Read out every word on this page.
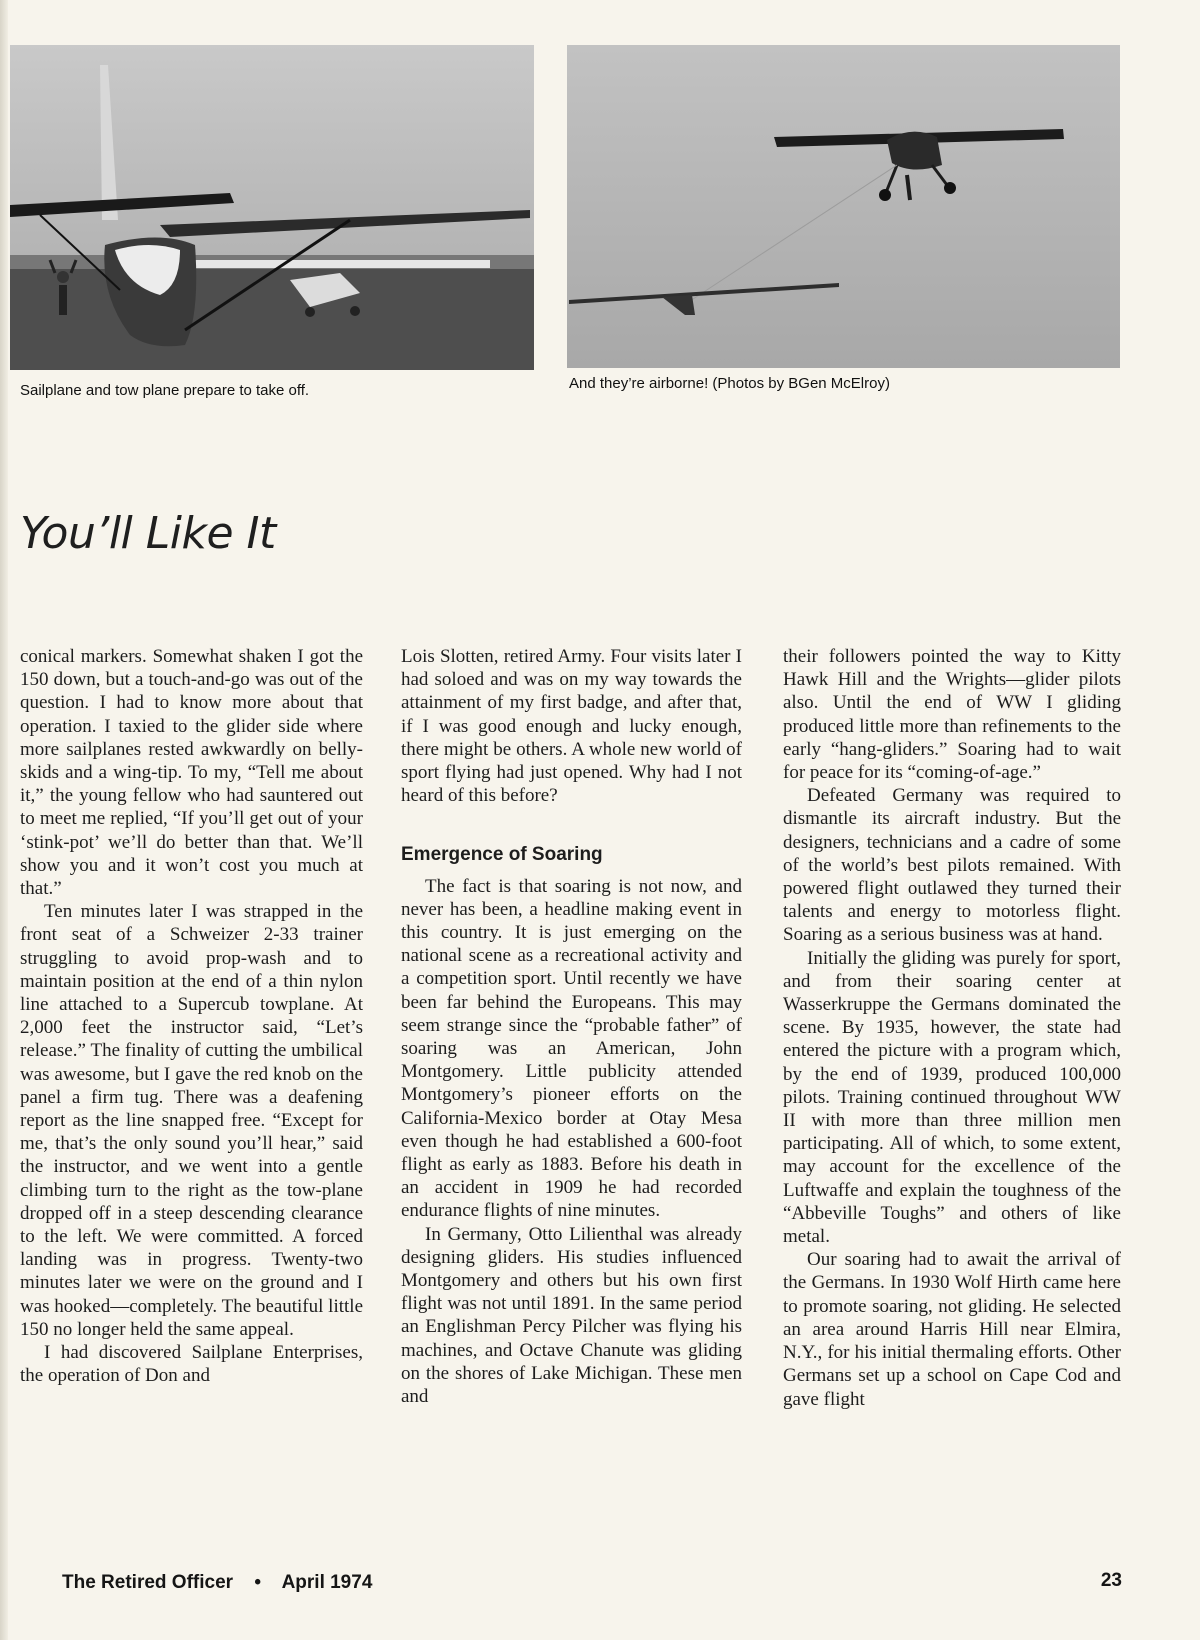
Sailplane and tow plane prepare to take off.	And they’re airborne! (Photos by BGen McElroy)
You’ll Like It

conical markers. Somewhat shaken I got the 150 down, but a touch-and-go was out of the question. I had to know more about that operation. I taxied to the glider side where more sailplanes rested awkwardly on belly-skids and a wing-tip. To my, “Tell me about it,” the young fellow who had sauntered out to meet me replied, “If you’ll get out of your ‘stink-pot’ we’ll do better than that. We’ll show you and it won’t cost you much at that.”

Ten minutes later I was strapped in the front seat of a Schweizer 2-33 trainer struggling to avoid prop-wash and to maintain position at the end of a thin nylon line attached to a Supercub towplane. At 2,000 feet the instructor said, “Let’s release.” The finality of cutting the umbilical was awesome, but I gave the red knob on the panel a firm tug. There was a deafening report as the line snapped free. “Except for me, that’s the only sound you’ll hear,” said the instructor, and we went into a gentle climbing turn to the right as the tow-plane dropped off in a steep descending clearance to the left. We were committed. A forced landing was in progress. Twenty-two minutes later we were on the ground and I was hooked—completely. The beautiful little 150 no longer held the same appeal.

I had discovered Sailplane Enterprises, the operation of Don and

Lois Slotten, retired Army. Four visits later I had soloed and was on my way towards the attainment of my first badge, and after that, if I was good enough and lucky enough, there might be others. A whole new world of sport flying had just opened. Why had I not heard of this before?

Emergence of Soaring

The fact is that soaring is not now, and never has been, a headline making event in this country. It is just emerging on the national scene as a recreational activity and a competition sport. Until recently we have been far behind the Europeans. This may seem strange since the “probable father” of soaring was an American, John Montgomery. Little publicity attended Montgomery’s pioneer efforts on the California-Mexico border at Otay Mesa even though he had established a 600-foot flight as early as 1883. Before his death in an accident in 1909 he had recorded endurance flights of nine minutes.

In Germany, Otto Lilienthal was already designing gliders. His studies influenced Montgomery and others but his own first flight was not until 1891. In the same period an Englishman Percy Pilcher was flying his machines, and Octave Chanute was gliding on the shores of Lake Michigan. These men and

their followers pointed the way to Kitty Hawk Hill and the Wrights—glider pilots also. Until the end of WW I gliding produced little more than refinements to the early “hang-gliders.” Soaring had to wait for peace for its “coming-of-age.”

Defeated Germany was required to dismantle its aircraft industry. But the designers, technicians and a cadre of some of the world’s best pilots remained. With powered flight outlawed they turned their talents and energy to motorless flight. Soaring as a serious business was at hand.

Initially the gliding was purely for sport, and from their soaring center at Wasserkruppe the Germans dominated the scene. By 1935, however, the state had entered the picture with a program which, by the end of 1939, produced 100,000 pilots. Training continued throughout WW II with more than three million men participating. All of which, to some extent, may account for the excellence of the Luftwaffe and explain the toughness of the “Abbeville Toughs” and others of like metal.

Our soaring had to await the arrival of the Germans. In 1930 Wolf Hirth came here to promote soaring, not gliding. He selected an area around Harris Hill near Elmira, N.Y., for his initial thermaling efforts. Other Germans set up a school on Cape Cod and gave flight

The Retired Officer • April 1974	23
